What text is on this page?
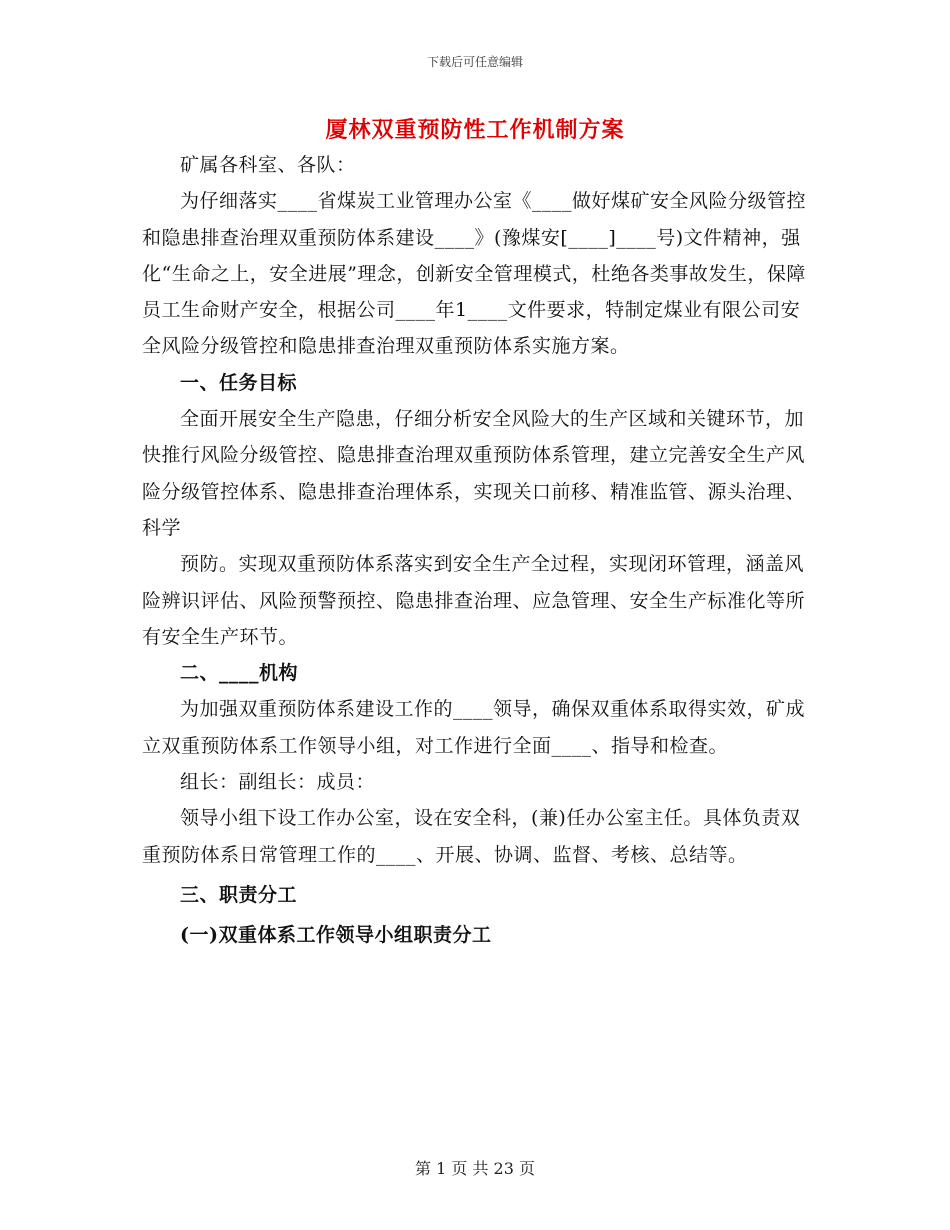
下载后可任意编辑
厦林双重预防性工作机制方案

矿属各科室、各队：

为仔细落实____省煤炭工业管理办公室《____做好煤矿安全风险分级管控和隐患排查治理双重预防体系建设____》(豫煤安[____]____号)文件精神，强化“生命之上，安全进展”理念，创新安全管理模式，杜绝各类事故发生，保障员工生命财产安全，根据公司____年1____文件要求，特制定煤业有限公司安全风险分级管控和隐患排查治理双重预防体系实施方案。

一、任务目标

全面开展安全生产隐患，仔细分析安全风险大的生产区域和关键环节，加快推行风险分级管控、隐患排查治理双重预防体系管理，建立完善安全生产风险分级管控体系、隐患排查治理体系，实现关口前移、精准监管、源头治理、科学

预防。实现双重预防体系落实到安全生产全过程，实现闭环管理，涵盖风险辨识评估、风险预警预控、隐患排查治理、应急管理、安全生产标准化等所有安全生产环节。

二、____机构

为加强双重预防体系建设工作的____领导，确保双重体系取得实效，矿成立双重预防体系工作领导小组，对工作进行全面____、指导和检查。

组长：副组长：成员：

领导小组下设工作办公室，设在安全科，(兼)任办公室主任。具体负责双重预防体系日常管理工作的____、开展、协调、监督、考核、总结等。

三、职责分工

(一)双重体系工作领导小组职责分工

第 1 页 共 23 页
